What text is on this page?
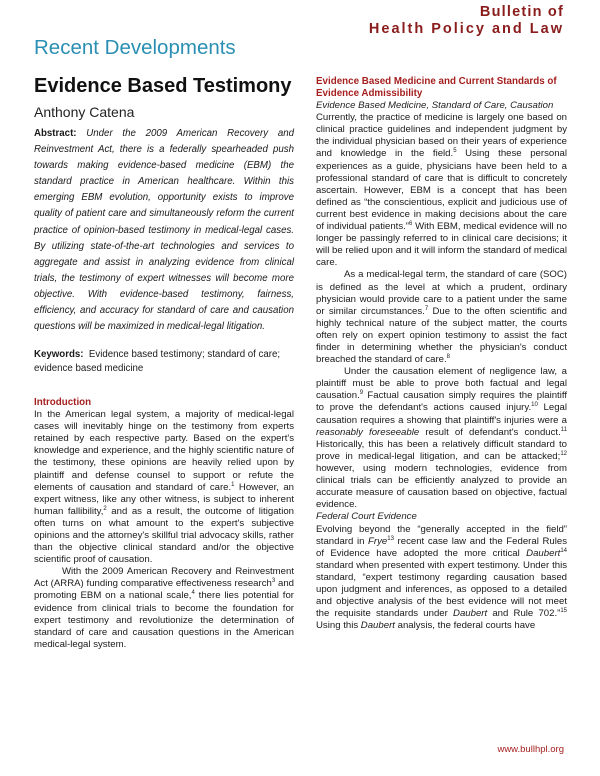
Recent Developments
Bulletin of
Health Policy and Law
Evidence Based Testimony
Anthony Catena

Abstract: Under the 2009 American Recovery and Reinvestment Act, there is a federally spearheaded push towards making evidence-based medicine (EBM) the standard practice in American healthcare. Within this emerging EBM evolution, opportunity exists to improve quality of patient care and simultaneously reform the current practice of opinion-based testimony in medical-legal cases. By utilizing state-of-the-art technologies and services to aggregate and assist in analyzing evidence from clinical trials, the testimony of expert witnesses will become more objective. With evidence-based testimony, fairness, efficiency, and accuracy for standard of care and causation questions will be maximized in medical-legal litigation.

Keywords: Evidence based testimony; standard of care; evidence based medicine

Introduction

In the American legal system, a majority of medical-legal cases will inevitably hinge on the testimony from experts retained by each respective party. Based on the expert's knowledge and experience, and the highly scientific nature of the testimony, these opinions are heavily relied upon by plaintiff and defense counsel to support or refute the elements of causation and standard of care.$^1$ However, an expert witness, like any other witness, is subject to inherent human fallibility,$^2$ and as a result, the outcome of litigation often turns on what amount to the expert's subjective opinions and the attorney's skillful trial advocacy skills, rather than the objective clinical standard and/or the objective scientific proof of causation.

With the 2009 American Recovery and Reinvestment Act (ARRA) funding comparative effectiveness research$^3$ and promoting EBM on a national scale,$^4$ there lies potential for evidence from clinical trials to become the foundation for expert testimony and revolutionize the determination of standard of care and causation questions in the American medical-legal system.

Evidence Based Medicine and Current Standards of Evidence Admissibility
Evidence Based Medicine, Standard of Care, Causation

Currently, the practice of medicine is largely one based on clinical practice guidelines and independent judgment by the individual physician based on their years of experience and knowledge in the field.$^5$ Using these personal experiences as a guide, physicians have been held to a professional standard of care that is difficult to concretely ascertain. However, EBM is a concept that has been defined as “the conscientious, explicit and judicious use of current best evidence in making decisions about the care of individual patients.”$^6$ With EBM, medical evidence will no longer be passingly referred to in clinical care decisions; it will be relied upon and it will inform the standard of medical care.

As a medical-legal term, the standard of care (SOC) is defined as the level at which a prudent, ordinary physician would provide care to a patient under the same or similar circumstances.$^7$ Due to the often scientific and highly technical nature of the subject matter, the courts often rely on expert opinion testimony to assist the fact finder in determining whether the physician's conduct breached the standard of care.$^8$

Under the causation element of negligence law, a plaintiff must be able to prove both factual and legal causation.$^9$ Factual causation simply requires the plaintiff to prove the defendant's actions caused injury.$^{10}$ Legal causation requires a showing that plaintiff's injuries were a reasonably foreseeable result of defendant's conduct.$^{11}$ Historically, this has been a relatively difficult standard to prove in medical-legal litigation, and can be attacked;$^{12}$ however, using modern technologies, evidence from clinical trials can be efficiently analyzed to provide an accurate measure of causation based on objective, factual evidence.

Federal Court Evidence

Evolving beyond the “generally accepted in the field” standard in Frye$^{13}$ recent case law and the Federal Rules of Evidence have adopted the more critical Daubert$^{14}$ standard when presented with expert testimony. Under this standard, “expert testimony regarding causation based upon judgment and inferences, as opposed to a detailed and objective analysis of the best evidence will not meet the requisite standards under Daubert and Rule 702.”$^{15}$ Using this Daubert analysis, the federal courts have

www.bullhpl.org
